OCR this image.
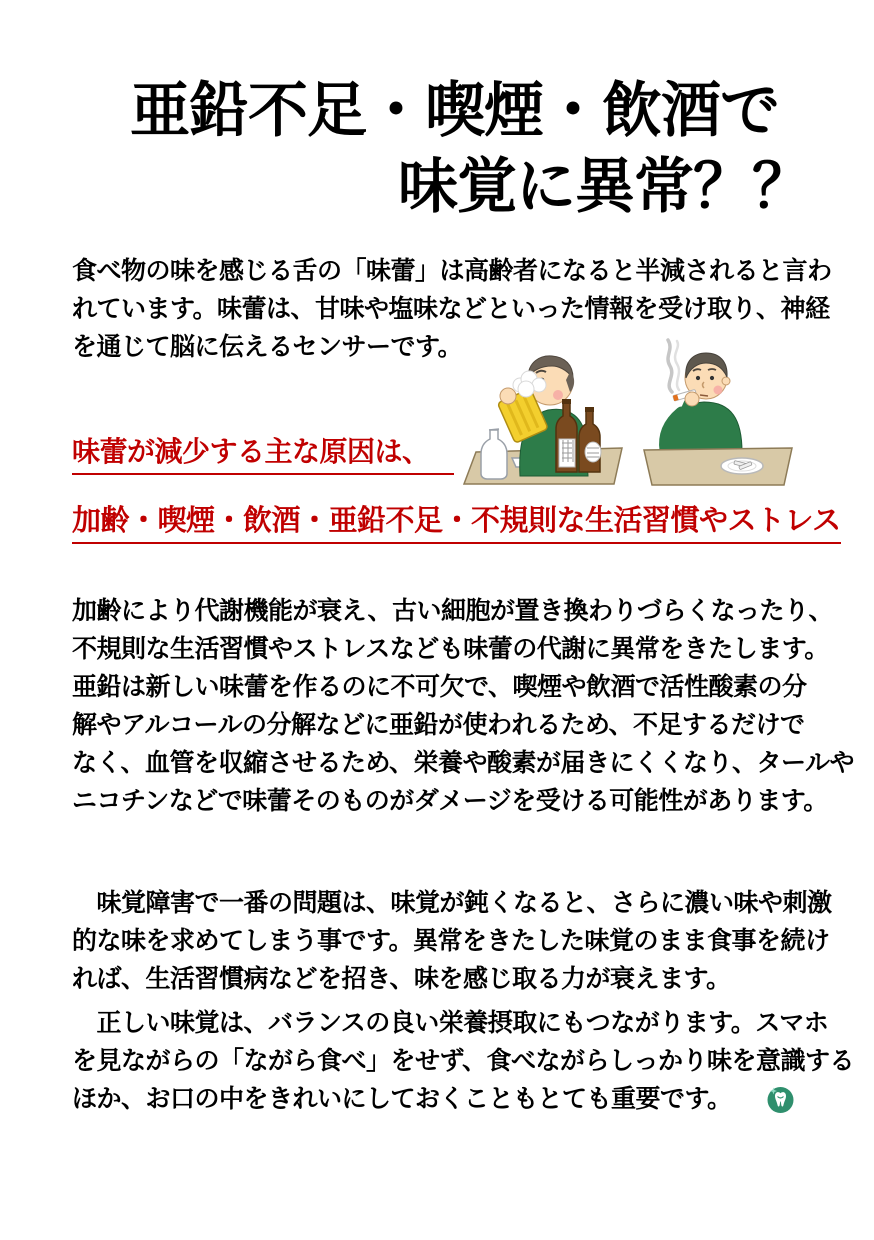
亜鉛不足・喫煙・飲酒で
味覚に異常？？
食べ物の味を感じる舌の「味蕾」は高齢者になると半減されると言わ
れています。味蕾は、甘味や塩味などといった情報を受け取り、神経
を通じて脳に伝えるセンサーです。
味蕾が減少する主な原因は、
加齢・喫煙・飲酒・亜鉛不足・不規則な生活習慣やストレス
加齢により代謝機能が衰え、古い細胞が置き換わりづらくなったり、
不規則な生活習慣やストレスなども味蕾の代謝に異常をきたします。
亜鉛は新しい味蕾を作るのに不可欠で、喫煙や飲酒で活性酸素の分
解やアルコールの分解などに亜鉛が使われるため、不足するだけで
なく、血管を収縮させるため、栄養や酸素が届きにくくなり、タールや
ニコチンなどで味蕾そのものがダメージを受ける可能性があります。
　味覚障害で一番の問題は、味覚が鈍くなると、さらに濃い味や刺激
的な味を求めてしまう事です。異常をきたした味覚のまま食事を続け
れば、生活習慣病などを招き、味を感じ取る力が衰えます。
　正しい味覚は、バランスの良い栄養摂取にもつながります。スマホ
を見ながらの「ながら食べ」をせず、食べながらしっかり味を意識する
ほか、お口の中をきれいにしておくこともとても重要です。
